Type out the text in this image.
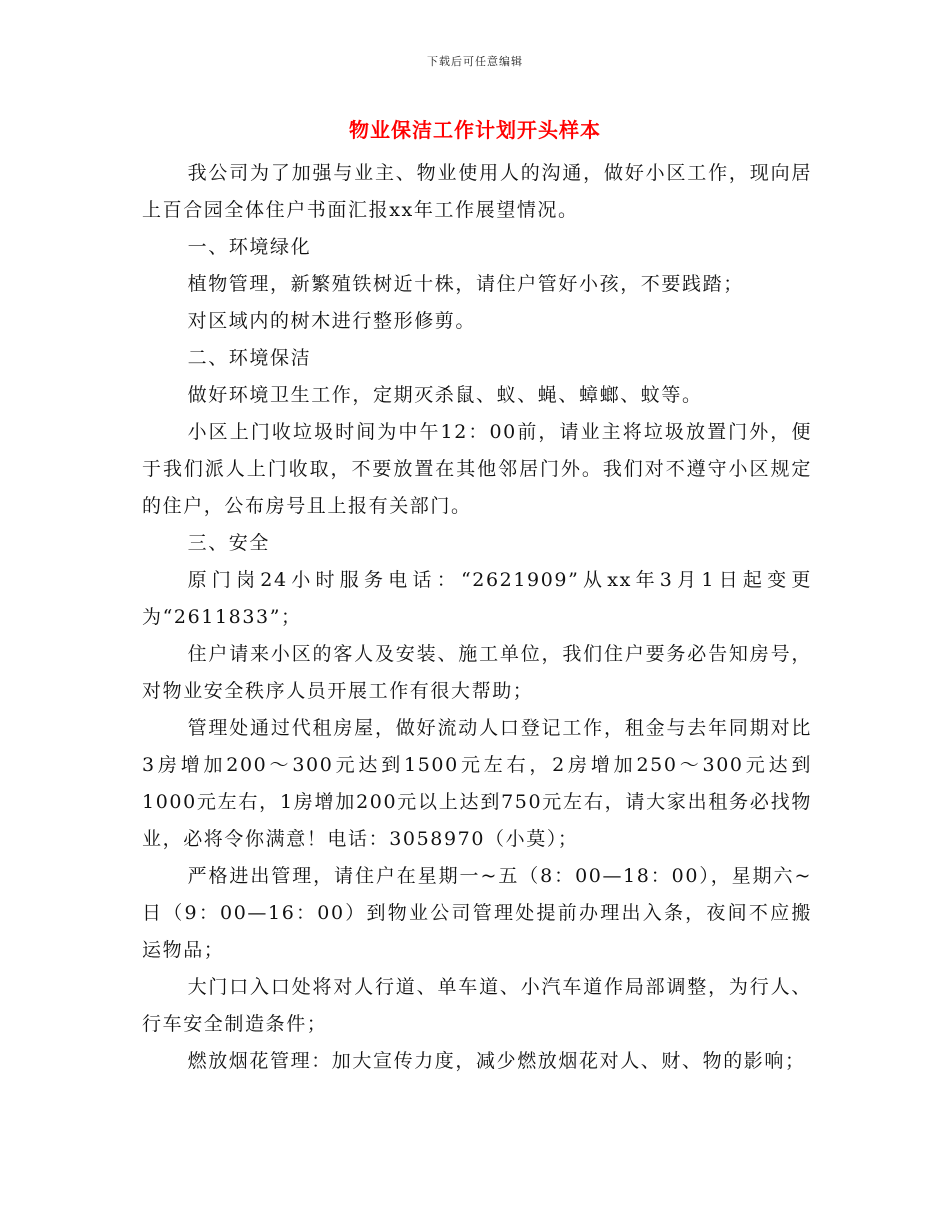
下载后可任意编辑
物业保洁工作计划开头样本

我公司为了加强与业主、物业使用人的沟通，做好小区工作，现向居上百合园全体住户书面汇报xx年工作展望情况。

一、环境绿化

植物管理，新繁殖铁树近十株，请住户管好小孩，不要践踏；

对区域内的树木进行整形修剪。

二、环境保洁

做好环境卫生工作，定期灭杀鼠、蚁、蝇、蟑螂、蚊等。

小区上门收垃圾时间为中午12：00前，请业主将垃圾放置门外，便于我们派人上门收取，不要放置在其他邻居门外。我们对不遵守小区规定的住户，公布房号且上报有关部门。

三、安全

原门岗24小时服务电话：“2621909”从xx年3月1日起变更为“2611833”；

住户请来小区的客人及安装、施工单位，我们住户要务必告知房号，对物业安全秩序人员开展工作有很大帮助；

管理处通过代租房屋，做好流动人口登记工作，租金与去年同期对比3房增加200～300元达到1500元左右，2房增加250～300元达到1000元左右，1房增加200元以上达到750元左右，请大家出租务必找物业，必将令你满意！电话：3058970（小莫）；

严格进出管理，请住户在星期一~五（8：00—18：00），星期六~日（9：00—16：00）到物业公司管理处提前办理出入条，夜间不应搬运物品；

大门口入口处将对人行道、单车道、小汽车道作局部调整，为行人、行车安全制造条件；

燃放烟花管理：加大宣传力度，减少燃放烟花对人、财、物的影响；
